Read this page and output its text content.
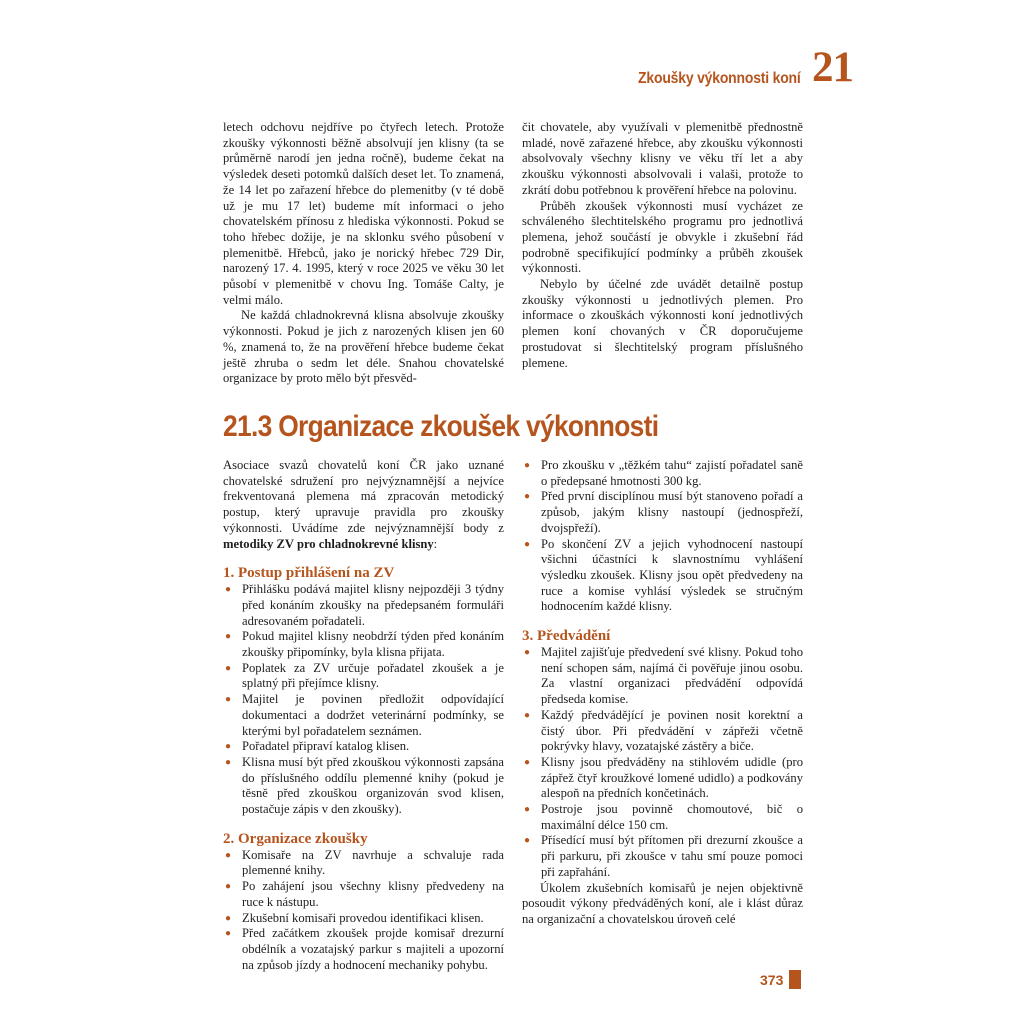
Zkoušky výkonnosti koní 21

letech odchovu nejdříve po čtyřech letech. Protože zkoušky výkonnosti běžně absolvují jen klisny (ta se průměrně narodí jen jedna ročně), budeme čekat na výsledek deseti potomků dalších deset let. To znamená, že 14 let po zařazení hřebce do plemenitby (v té době už je mu 17 let) budeme mít informaci o jeho chovatelském přínosu z hlediska výkonnosti. Pokud se toho hřebec dožije, je na sklonku svého působení v plemenitbě. Hřebců, jako je norický hřebec 729 Dir, narozený 17. 4. 1995, který v roce 2025 ve věku 30 let působí v plemenitbě v chovu Ing. Tomáše Calty, je velmi málo.

Ne každá chladnokrevná klisna absolvuje zkoušky výkonnosti. Pokud je jich z narozených klisen jen 60 %, znamená to, že na prověření hřebce budeme čekat ještě zhruba o sedm let déle. Snahou chovatelské organizace by proto mělo být přesvěd-

čit chovatele, aby využívali v plemenitbě přednostně mladé, nově zařazené hřebce, aby zkoušku výkonnosti absolvovaly všechny klisny ve věku tří let a aby zkoušku výkonnosti absolvovali i valaši, protože to zkrátí dobu potřebnou k prověření hřebce na polovinu.

Průběh zkoušek výkonnosti musí vycházet ze schváleného šlechtitelského programu pro jednotlivá plemena, jehož součástí je obvykle i zkušební řád podrobně specifikující podmínky a průběh zkoušek výkonnosti.

Nebylo by účelné zde uvádět detailně postup zkoušky výkonnosti u jednotlivých plemen. Pro informace o zkouškách výkonnosti koní jednotlivých plemen koní chovaných v ČR doporučujeme prostudovat si šlechtitelský program příslušného plemene.

21.3 Organizace zkoušek výkonnosti

Asociace svazů chovatelů koní ČR jako uznané chovatelské sdružení pro nejvýznamnější a nejvíce frekventovaná plemena má zpracován metodický postup, který upravuje pravidla pro zkoušky výkonnosti. Uvádíme zde nejvýznamnější body z metodiky ZV pro chladnokrevné klisny:

1. Postup přihlášení na ZV
● Přihlášku podává majitel klisny nejpozději 3 týdny před konáním zkoušky na předepsaném formuláři adresovaném pořadateli.
● Pokud majitel klisny neobdrží týden před konáním zkoušky připomínky, byla klisna přijata.
● Poplatek za ZV určuje pořadatel zkoušek a je splatný při přejímce klisny.
● Majitel je povinen předložit odpovídající dokumentaci a dodržet veterinární podmínky, se kterými byl pořadatelem seznámen.
● Pořadatel připraví katalog klisen.
● Klisna musí být před zkouškou výkonnosti zapsána do příslušného oddílu plemenné knihy (pokud je těsně před zkouškou organizován svod klisen, postačuje zápis v den zkoušky).
2. Organizace zkoušky
● Komisaře na ZV navrhuje a schvaluje rada plemenné knihy.
● Po zahájení jsou všechny klisny předvedeny na ruce k nástupu.
● Zkušební komisaři provedou identifikaci klisen.
● Před začátkem zkoušek projde komisař drezurní obdélník a vozatajský parkur s majiteli a upozorní na způsob jízdy a hodnocení mechaniky pohybu.
● Pro zkoušku v „těžkém tahu“ zajistí pořadatel saně o předepsané hmotnosti 300 kg.
● Před první disciplínou musí být stanoveno pořadí a způsob, jakým klisny nastoupí (jednospřeží, dvojspřeží).
● Po skončení ZV a jejich vyhodnocení nastoupí všichni účastníci k slavnostnímu vyhlášení výsledku zkoušek. Klisny jsou opět předvedeny na ruce a komise vyhlásí výsledek se stručným hodnocením každé klisny.
3. Předvádění
● Majitel zajišťuje předvedení své klisny. Pokud toho není schopen sám, najímá či pověřuje jinou osobu. Za vlastní organizaci předvádění odpovídá předseda komise.
● Každý předvádějící je povinen nosit korektní a čistý úbor. Při předvádění v zápřeži včetně pokrývky hlavy, vozatajské zástěry a biče.
● Klisny jsou předváděny na stihlovém udidle (pro zápřež čtyř kroužkové lomené udidlo) a podkovány alespoň na předních končetinách.
● Postroje jsou povinně chomoutové, bič o maximální délce 150 cm.
● Přísedící musí být přítomen při drezurní zkoušce a při parkuru, při zkoušce v tahu smí pouze pomoci při zapřahání.

Úkolem zkušebních komisařů je nejen objektivně posoudit výkony předváděných koní, ale i klást důraz na organizační a chovatelskou úroveň celé

373
